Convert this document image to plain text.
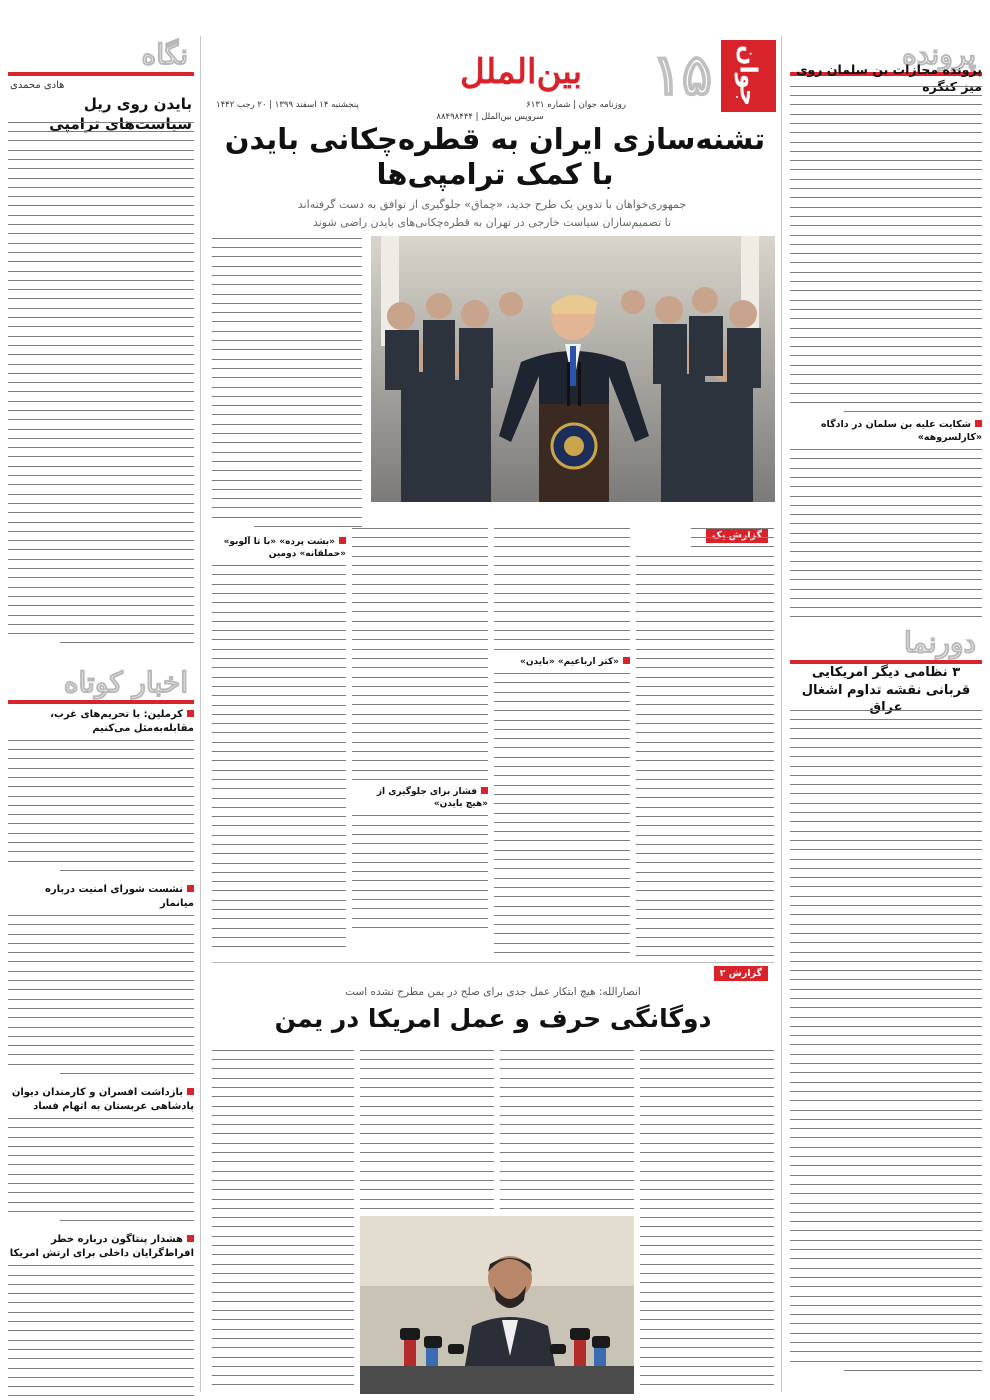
نگاه
هادی محمدی
بایدن روی ریل
اخبار کوتاه
کرملین: با تحریم‌های غرب، مقابله‌به‌مثل می‌کنیم
نشست شورای امنیت درباره میانمار
بازداشت افسران و کارمندان دیوان پادشاهی عربستان به اتهام فساد
هشدار پنتاگون درباره خطر افراط‌گرایان داخلی برای ارتش امریکا
جوان
۱۵
بین‌الملل
روزنامه جوان | شماره ۶۱۳۱
پنجشنبه ۱۴ اسفند ۱۳۹۹ | ۲۰ رجب ۱۴۴۲
سرویس بین‌الملل | ۸۸۴۹۸۴۴۴
تشنه‌سازی ایران به قطره‌چکانی بایدن با کمک ترامپی‌ها
جمهوری‌خواهان با تدوین یک طرح جدید، «چماق» جلوگیری از توافق به دست گرفته‌اند
تا تصمیم‌سازان سیاست خارجی در تهران به قطره‌چکانی‌های بایدن راضی شوند
«کتر ارباعیم» «بایدن»
فشار برای جلوگیری از «هیچ بایدن»
«بشت پرده» «با تا آلوبو» «حملقانه» دومین
گزارش ۲
انصارالله: هیچ ابتکار عمل جدی برای صلح در یمن مطرح نشده است
دوگانگی حرف و عمل امریکا در یمن
پرونده
پرونده مجازات بن سلمان روی
شکایت علیه بن سلمان در دادگاه «کارلسروهه»
دورنما
۳ نظامی دیگر امریکایی
قربانی نقشه تداوم اشغال
